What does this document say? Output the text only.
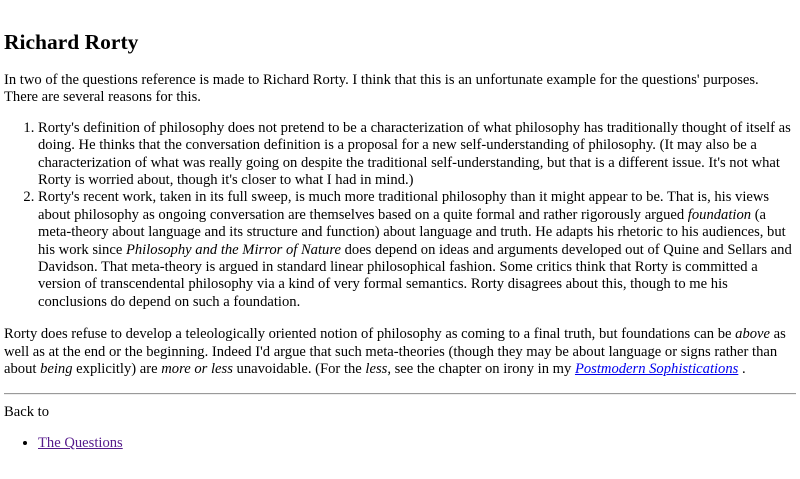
Richard Rorty

In two of the questions reference is made to Richard Rorty. I think that this is an unfortunate example for the questions' purposes. There are several reasons for this.

1. Rorty's definition of philosophy does not pretend to be a characterization of what philosophy has traditionally thought of itself as doing. He thinks that the conversation definition is a proposal for a new self-understanding of philosophy. (It may also be a characterization of what was really going on despite the traditional self-understanding, but that is a different issue. It's not what Rorty is worried about, though it's closer to what I had in mind.)
2. Rorty's recent work, taken in its full sweep, is much more traditional philosophy than it might appear to be. That is, his views about philosophy as ongoing conversation are themselves based on a quite formal and rather rigorously argued foundation (a meta-theory about language and its structure and function) about language and truth. He adapts his rhetoric to his audiences, but his work since Philosophy and the Mirror of Nature does depend on ideas and arguments developed out of Quine and Sellars and Davidson. That meta-theory is argued in standard linear philosophical fashion. Some critics think that Rorty is committed a version of transcendental philosophy via a kind of very formal semantics. Rorty disagrees about this, though to me his conclusions do depend on such a foundation.

Rorty does refuse to develop a teleologically oriented notion of philosophy as coming to a final truth, but foundations can be above as well as at the end or the beginning. Indeed I'd argue that such meta-theories (though they may be about language or signs rather than about being explicitly) are more or less unavoidable. (For the less, see the chapter on irony in my Postmodern Sophistications .

Back to
• The Questions
